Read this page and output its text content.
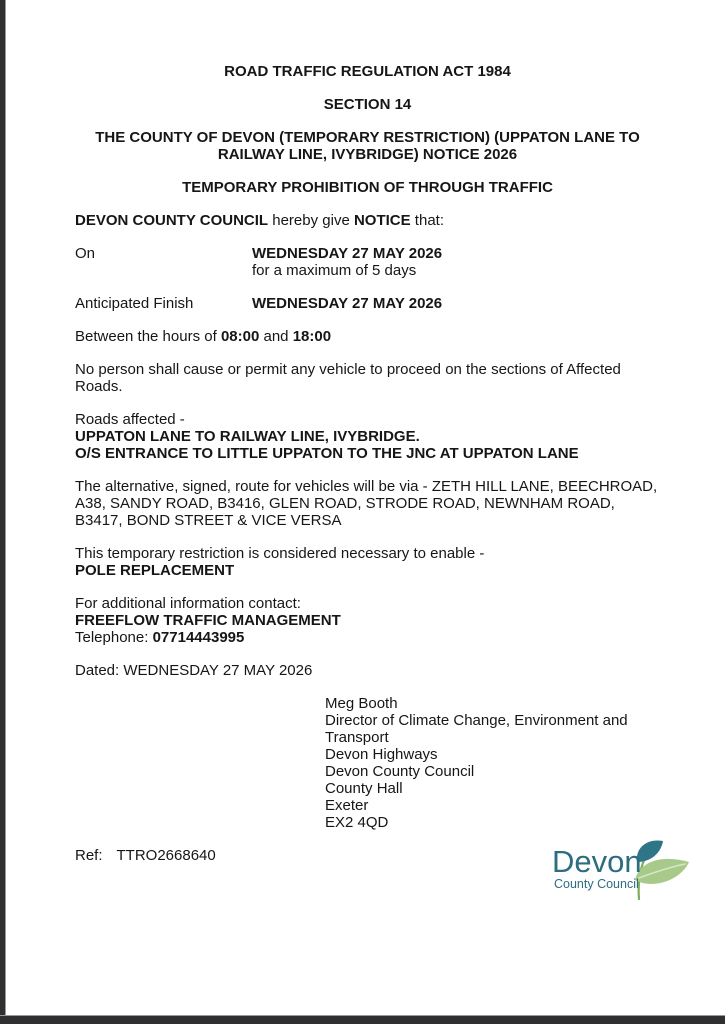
ROAD TRAFFIC REGULATION ACT 1984

SECTION 14

THE COUNTY OF DEVON (TEMPORARY RESTRICTION) (UPPATON LANE TO RAILWAY LINE, IVYBRIDGE) NOTICE 2026

TEMPORARY PROHIBITION OF THROUGH TRAFFIC

DEVON COUNTY COUNCIL hereby give NOTICE that:

On	WEDNESDAY 27 MAY 2026
for a maximum of 5 days
Anticipated Finish	WEDNESDAY 27 MAY 2026

Between the hours of 08:00 and 18:00

No person shall cause or permit any vehicle to proceed on the sections of Affected Roads.

Roads affected -
UPPATON LANE TO RAILWAY LINE, IVYBRIDGE.
O/S ENTRANCE TO LITTLE UPPATON TO THE JNC AT UPPATON LANE

The alternative, signed, route for vehicles will be via - ZETH HILL LANE, BEECHROAD, A38, SANDY ROAD, B3416, GLEN ROAD, STRODE ROAD, NEWNHAM ROAD, B3417, BOND STREET & VICE VERSA

This temporary restriction is considered necessary to enable -
POLE REPLACEMENT
For additional information contact:
FREEFLOW TRAFFIC MANAGEMENT
Telephone: 07714443995

Dated: WEDNESDAY 27 MAY 2026

Meg Booth
Director of Climate Change, Environment and Transport
Devon Highways
Devon County Council
County Hall
Exeter
EX2 4QD

Ref: TTRO2668640	Devon
County Council
